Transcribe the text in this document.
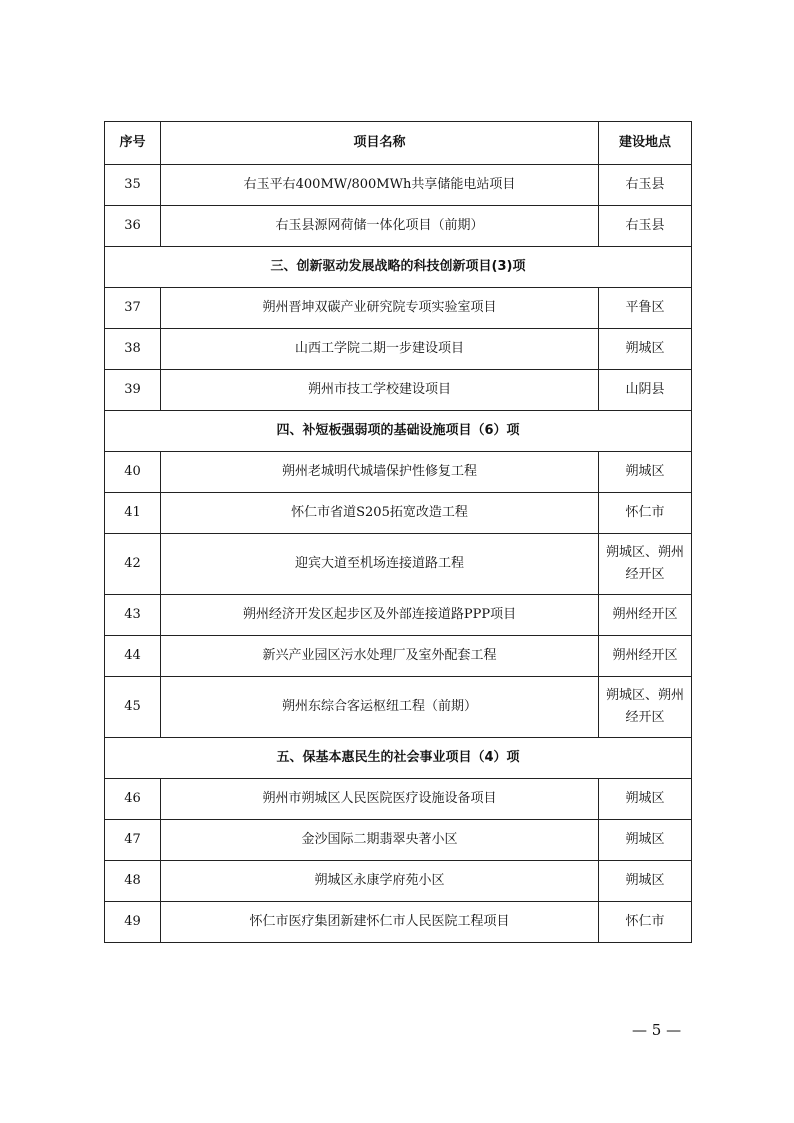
序号	项目名称	建设地点
35	右玉平右400MW/800MWh共享储能电站项目	右玉县
36	右玉县源网荷储一体化项目（前期）	右玉县
三、创新驱动发展战略的科技创新项目(3)项		
37	朔州晋坤双碳产业研究院专项实验室项目	平鲁区
38	山西工学院二期一步建设项目	朔城区
39	朔州市技工学校建设项目	山阴县
四、补短板强弱项的基础设施项目（6）项		
40	朔州老城明代城墙保护性修复工程	朔城区
41	怀仁市省道S205拓宽改造工程	怀仁市
42	迎宾大道至机场连接道路工程	朔城区、朔州经开区
43	朔州经济开发区起步区及外部连接道路PPP项目	朔州经开区
44	新兴产业园区污水处理厂及室外配套工程	朔州经开区
45	朔州东综合客运枢纽工程（前期）	朔城区、朔州经开区
五、保基本惠民生的社会事业项目（4）项		
46	朔州市朔城区人民医院医疗设施设备项目	朔城区
47	金沙国际二期翡翠央著小区	朔城区
48	朔城区永康学府苑小区	朔城区
49	怀仁市医疗集团新建怀仁市人民医院工程项目	怀仁市
— 5 —
